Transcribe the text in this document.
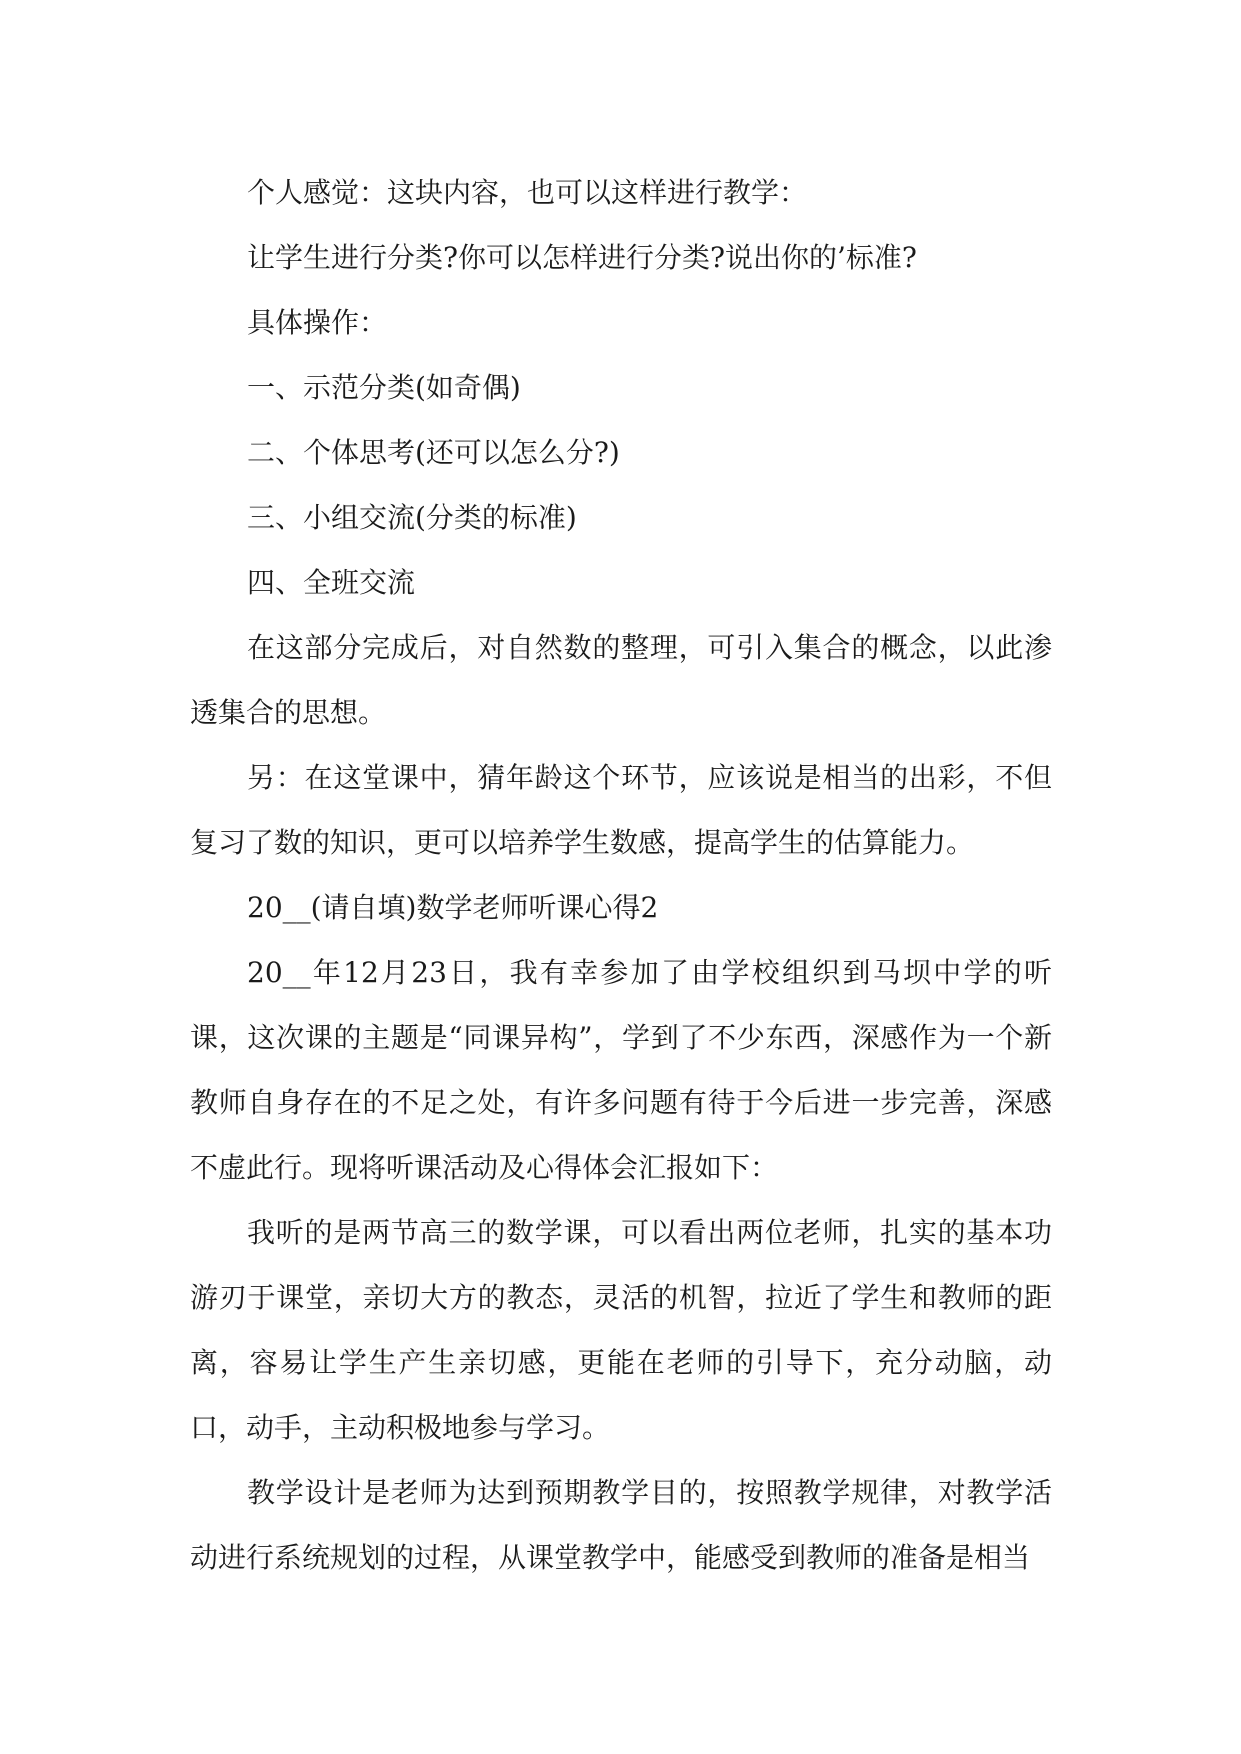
个人感觉：这块内容，也可以这样进行教学：

让学生进行分类?你可以怎样进行分类?说出你的’标准?

具体操作：

一、示范分类(如奇偶)

二、个体思考(还可以怎么分?)

三、小组交流(分类的标准)

四、全班交流

在这部分完成后，对自然数的整理，可引入集合的概念，以此渗透集合的思想。

另：在这堂课中，猜年龄这个环节，应该说是相当的出彩，不但复习了数的知识，更可以培养学生数感，提高学生的估算能力。

20__(请自填)数学老师听课心得2

20__年12月23日，我有幸参加了由学校组织到马坝中学的听课，这次课的主题是“同课异构”，学到了不少东西，深感作为一个新教师自身存在的不足之处，有许多问题有待于今后进一步完善，深感不虚此行。现将听课活动及心得体会汇报如下：

我听的是两节高三的数学课，可以看出两位老师，扎实的基本功游刃于课堂，亲切大方的教态，灵活的机智，拉近了学生和教师的距离，容易让学生产生亲切感，更能在老师的引导下，充分动脑，动口，动手，主动积极地参与学习。

教学设计是老师为达到预期教学目的，按照教学规律，对教学活动进行系统规划的过程，从课堂教学中，能感受到教师的准备是相当
